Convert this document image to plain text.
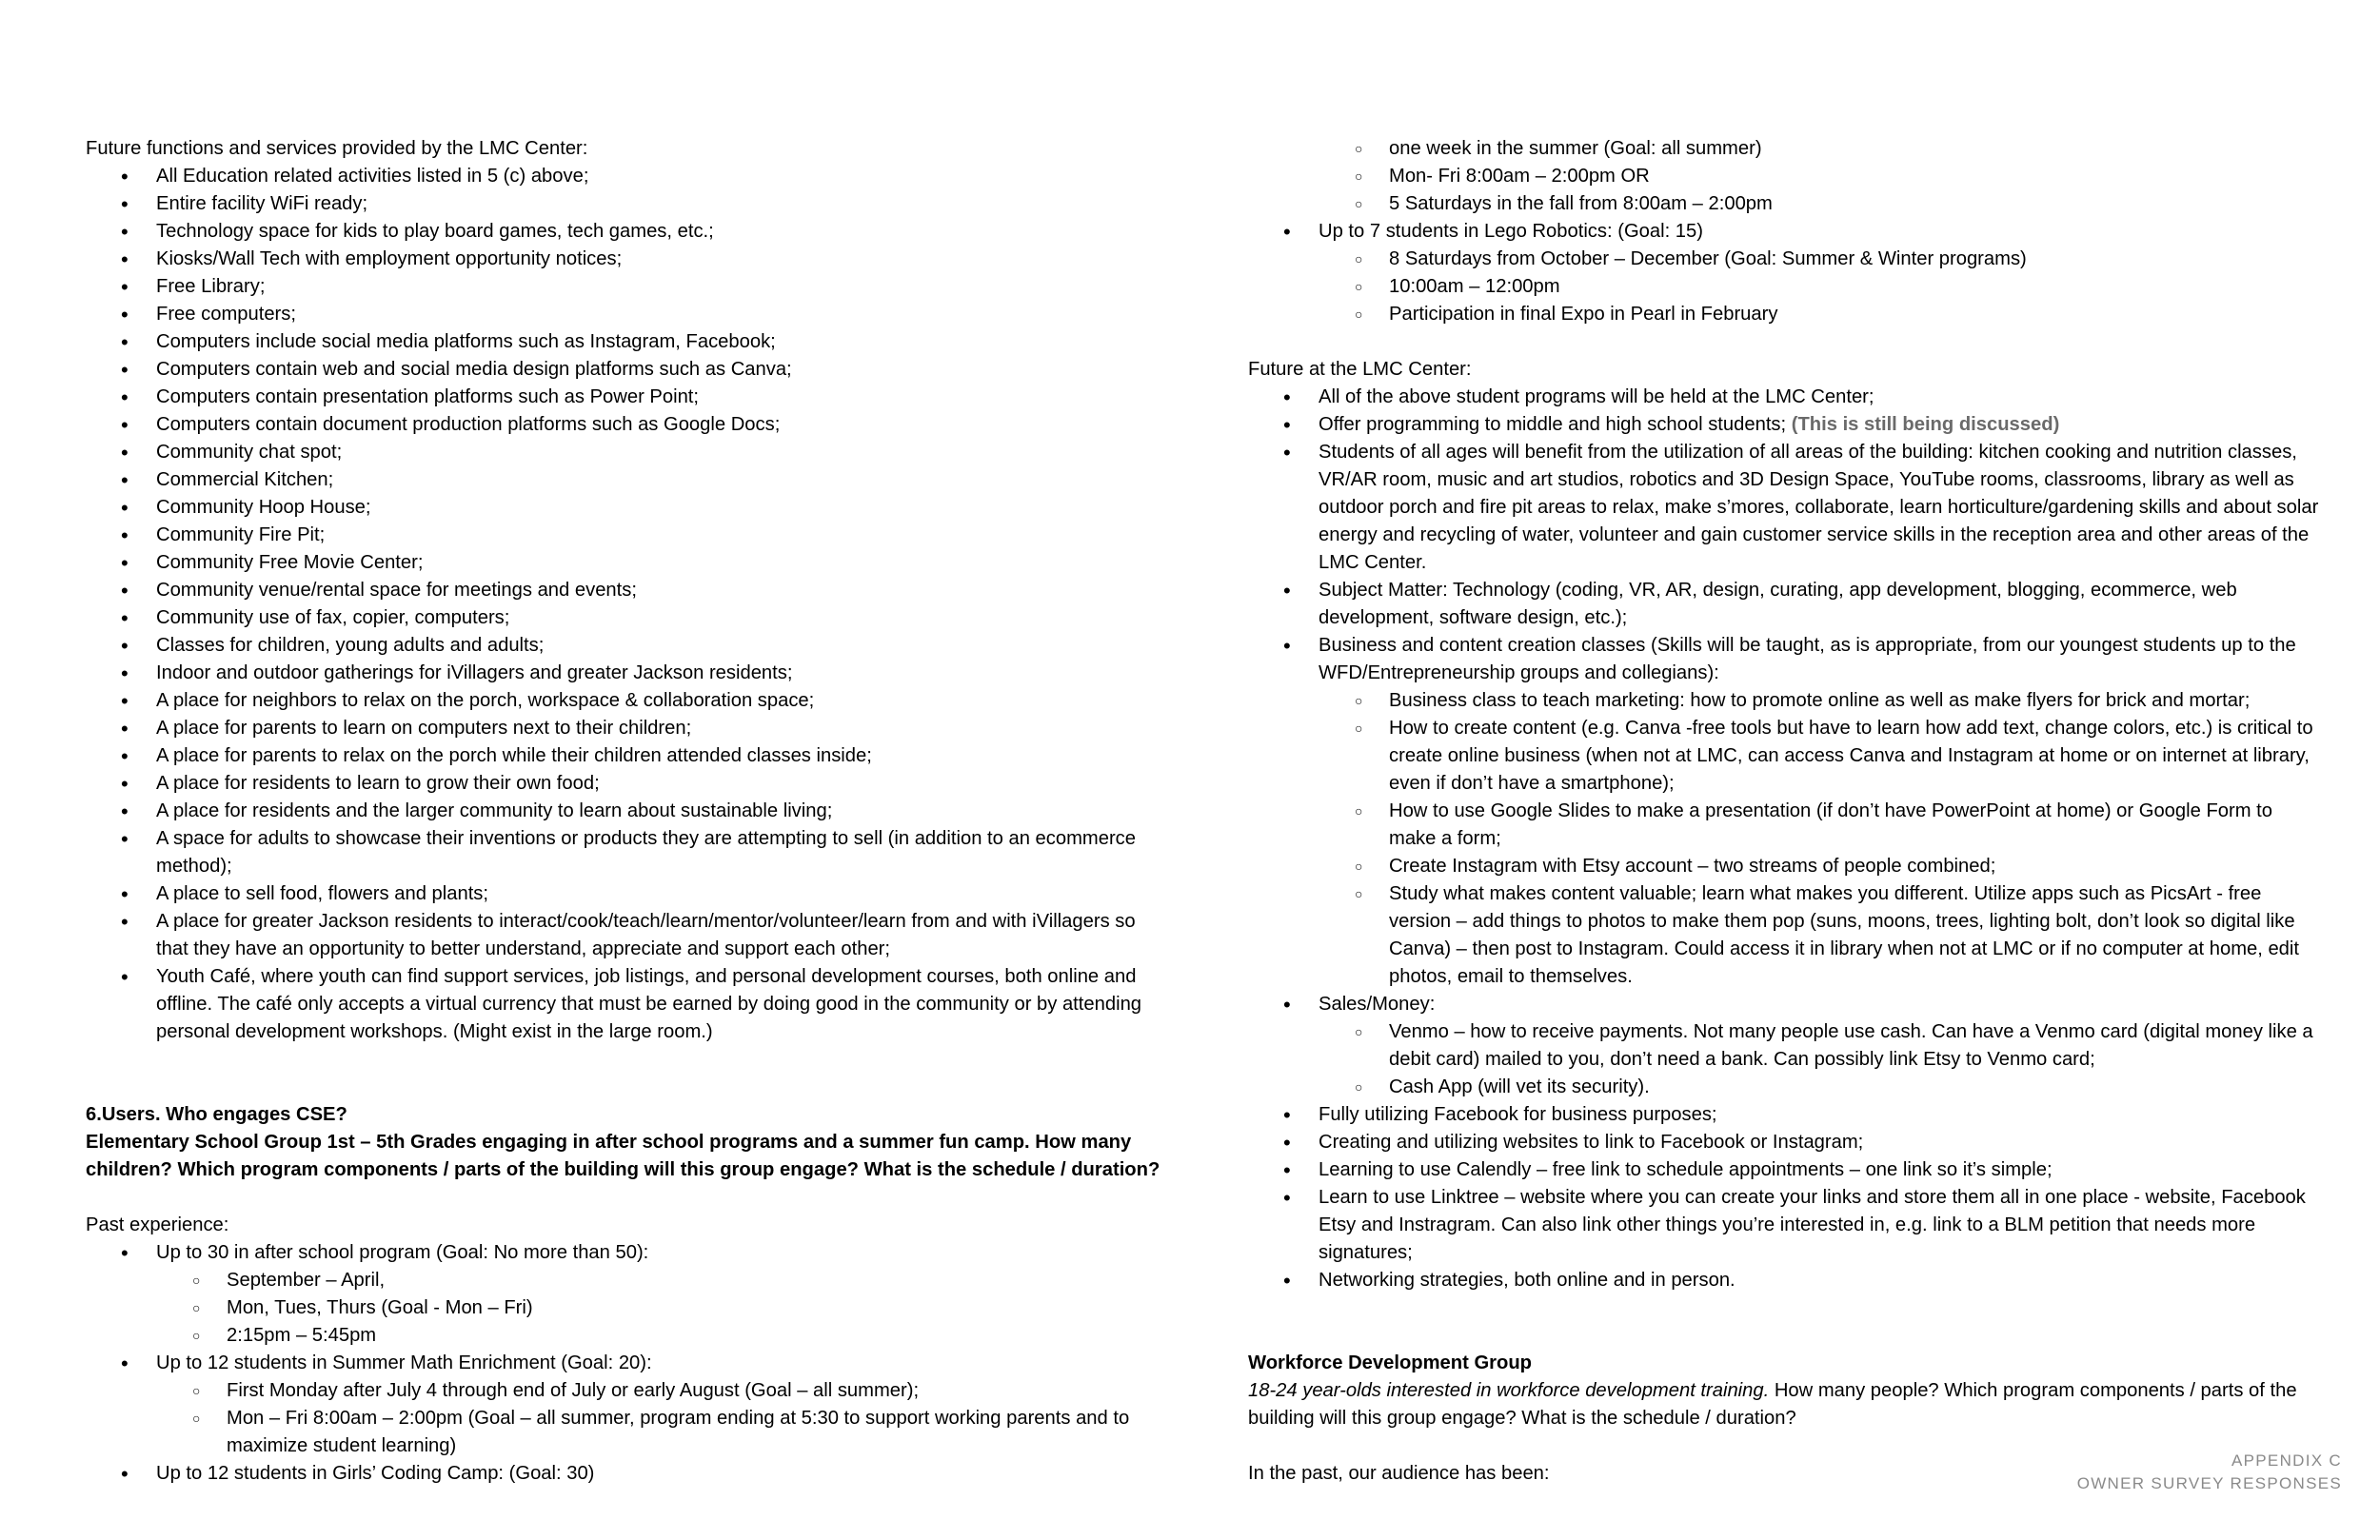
Future functions and services provided by the LMC Center:

• All Education related activities listed in 5 (c) above;
• Entire facility WiFi ready;
• Technology space for kids to play board games, tech games, etc.;
• Kiosks/Wall Tech with employment opportunity notices;
• Free Library;
• Free computers;
• Computers include social media platforms such as Instagram, Facebook;
• Computers contain web and social media design platforms such as Canva;
• Computers contain presentation platforms such as Power Point;
• Computers contain document production platforms such as Google Docs;
• Community chat spot;
• Commercial Kitchen;
• Community Hoop House;
• Community Fire Pit;
• Community Free Movie Center;
• Community venue/rental space for meetings and events;
• Community use of fax, copier, computers;
• Classes for children, young adults and adults;
• Indoor and outdoor gatherings for iVillagers and greater Jackson residents;
• A place for neighbors to relax on the porch, workspace & collaboration space;
• A place for parents to learn on computers next to their children;
• A place for parents to relax on the porch while their children attended classes inside;
• A place for residents to learn to grow their own food;
• A place for residents and the larger community to learn about sustainable living;
• A space for adults to showcase their inventions or products they are attempting to sell (in addition to an ecommerce method);
• A place to sell food, flowers and plants;
• A place for greater Jackson residents to interact/cook/teach/learn/mentor/volunteer/learn from and with iVillagers so that they have an opportunity to better understand, appreciate and support each other;
• Youth Café, where youth can find support services, job listings, and personal development courses, both online and offline. The café only accepts a virtual currency that must be earned by doing good in the community or by attending personal development workshops. (Might exist in the large room.)

6.Users. Who engages CSE?

Elementary School Group 1st – 5th Grades engaging in after school programs and a summer fun camp. How many children? Which program components / parts of the building will this group engage? What is the schedule / duration?

Past experience:

• Up to 30 in after school program (Goal: No more than 50):
○ September – April,
○ Mon, Tues, Thurs (Goal - Mon – Fri)
○ 2:15pm – 5:45pm
• Up to 12 students in Summer Math Enrichment (Goal: 20):
○ First Monday after July 4 through end of July or early August (Goal – all summer);
○ Mon – Fri 8:00am – 2:00pm (Goal – all summer, program ending at 5:30 to support working parents and to maximize student learning)
• Up to 12 students in Girls’ Coding Camp: (Goal: 30)
○ one week in the summer (Goal: all summer)
○ Mon- Fri 8:00am – 2:00pm OR
○ 5 Saturdays in the fall from 8:00am – 2:00pm
• Up to 7 students in Lego Robotics: (Goal: 15)
○ 8 Saturdays from October – December (Goal: Summer & Winter programs)
○ 10:00am – 12:00pm
○ Participation in final Expo in Pearl in February

Future at the LMC Center:

• All of the above student programs will be held at the LMC Center;
• Offer programming to middle and high school students; (This is still being discussed)
• Students of all ages will benefit from the utilization of all areas of the building: kitchen cooking and nutrition classes, VR/AR room, music and art studios, robotics and 3D Design Space, YouTube rooms, classrooms, library as well as outdoor porch and fire pit areas to relax, make s’mores, collaborate, learn horticulture/gardening skills and about solar energy and recycling of water, volunteer and gain customer service skills in the reception area and other areas of the LMC Center.
• Subject Matter: Technology (coding, VR, AR, design, curating, app development, blogging, ecommerce, web development, software design, etc.);
• Business and content creation classes (Skills will be taught, as is appropriate, from our youngest students up to the WFD/Entrepreneurship groups and collegians):
○ Business class to teach marketing: how to promote online as well as make flyers for brick and mortar;
○ How to create content (e.g. Canva -free tools but have to learn how add text, change colors, etc.) is critical to create online business (when not at LMC, can access Canva and Instagram at home or on internet at library, even if don’t have a smartphone);
○ How to use Google Slides to make a presentation (if don’t have PowerPoint at home) or Google Form to make a form;
○ Create Instagram with Etsy account – two streams of people combined;
○ Study what makes content valuable; learn what makes you different. Utilize apps such as PicsArt - free version – add things to photos to make them pop (suns, moons, trees, lighting bolt, don’t look so digital like Canva) – then post to Instagram. Could access it in library when not at LMC or if no computer at home, edit photos, email to themselves.
• Sales/Money:
○ Venmo – how to receive payments. Not many people use cash. Can have a Venmo card (digital money like a debit card) mailed to you, don’t need a bank. Can possibly link Etsy to Venmo card;
○ Cash App (will vet its security).
• Fully utilizing Facebook for business purposes;
• Creating and utilizing websites to link to Facebook or Instagram;
• Learning to use Calendly – free link to schedule appointments – one link so it’s simple;
• Learn to use Linktree – website where you can create your links and store them all in one place - website, Facebook Etsy and Instragram. Can also link other things you’re interested in, e.g. link to a BLM petition that needs more signatures;
• Networking strategies, both online and in person.

Workforce Development Group

18-24 year-olds interested in workforce development training. How many people? Which program components / parts of the building will this group engage? What is the schedule / duration?

In the past, our audience has been:

APPENDIX C
OWNER SURVEY RESPONSES
